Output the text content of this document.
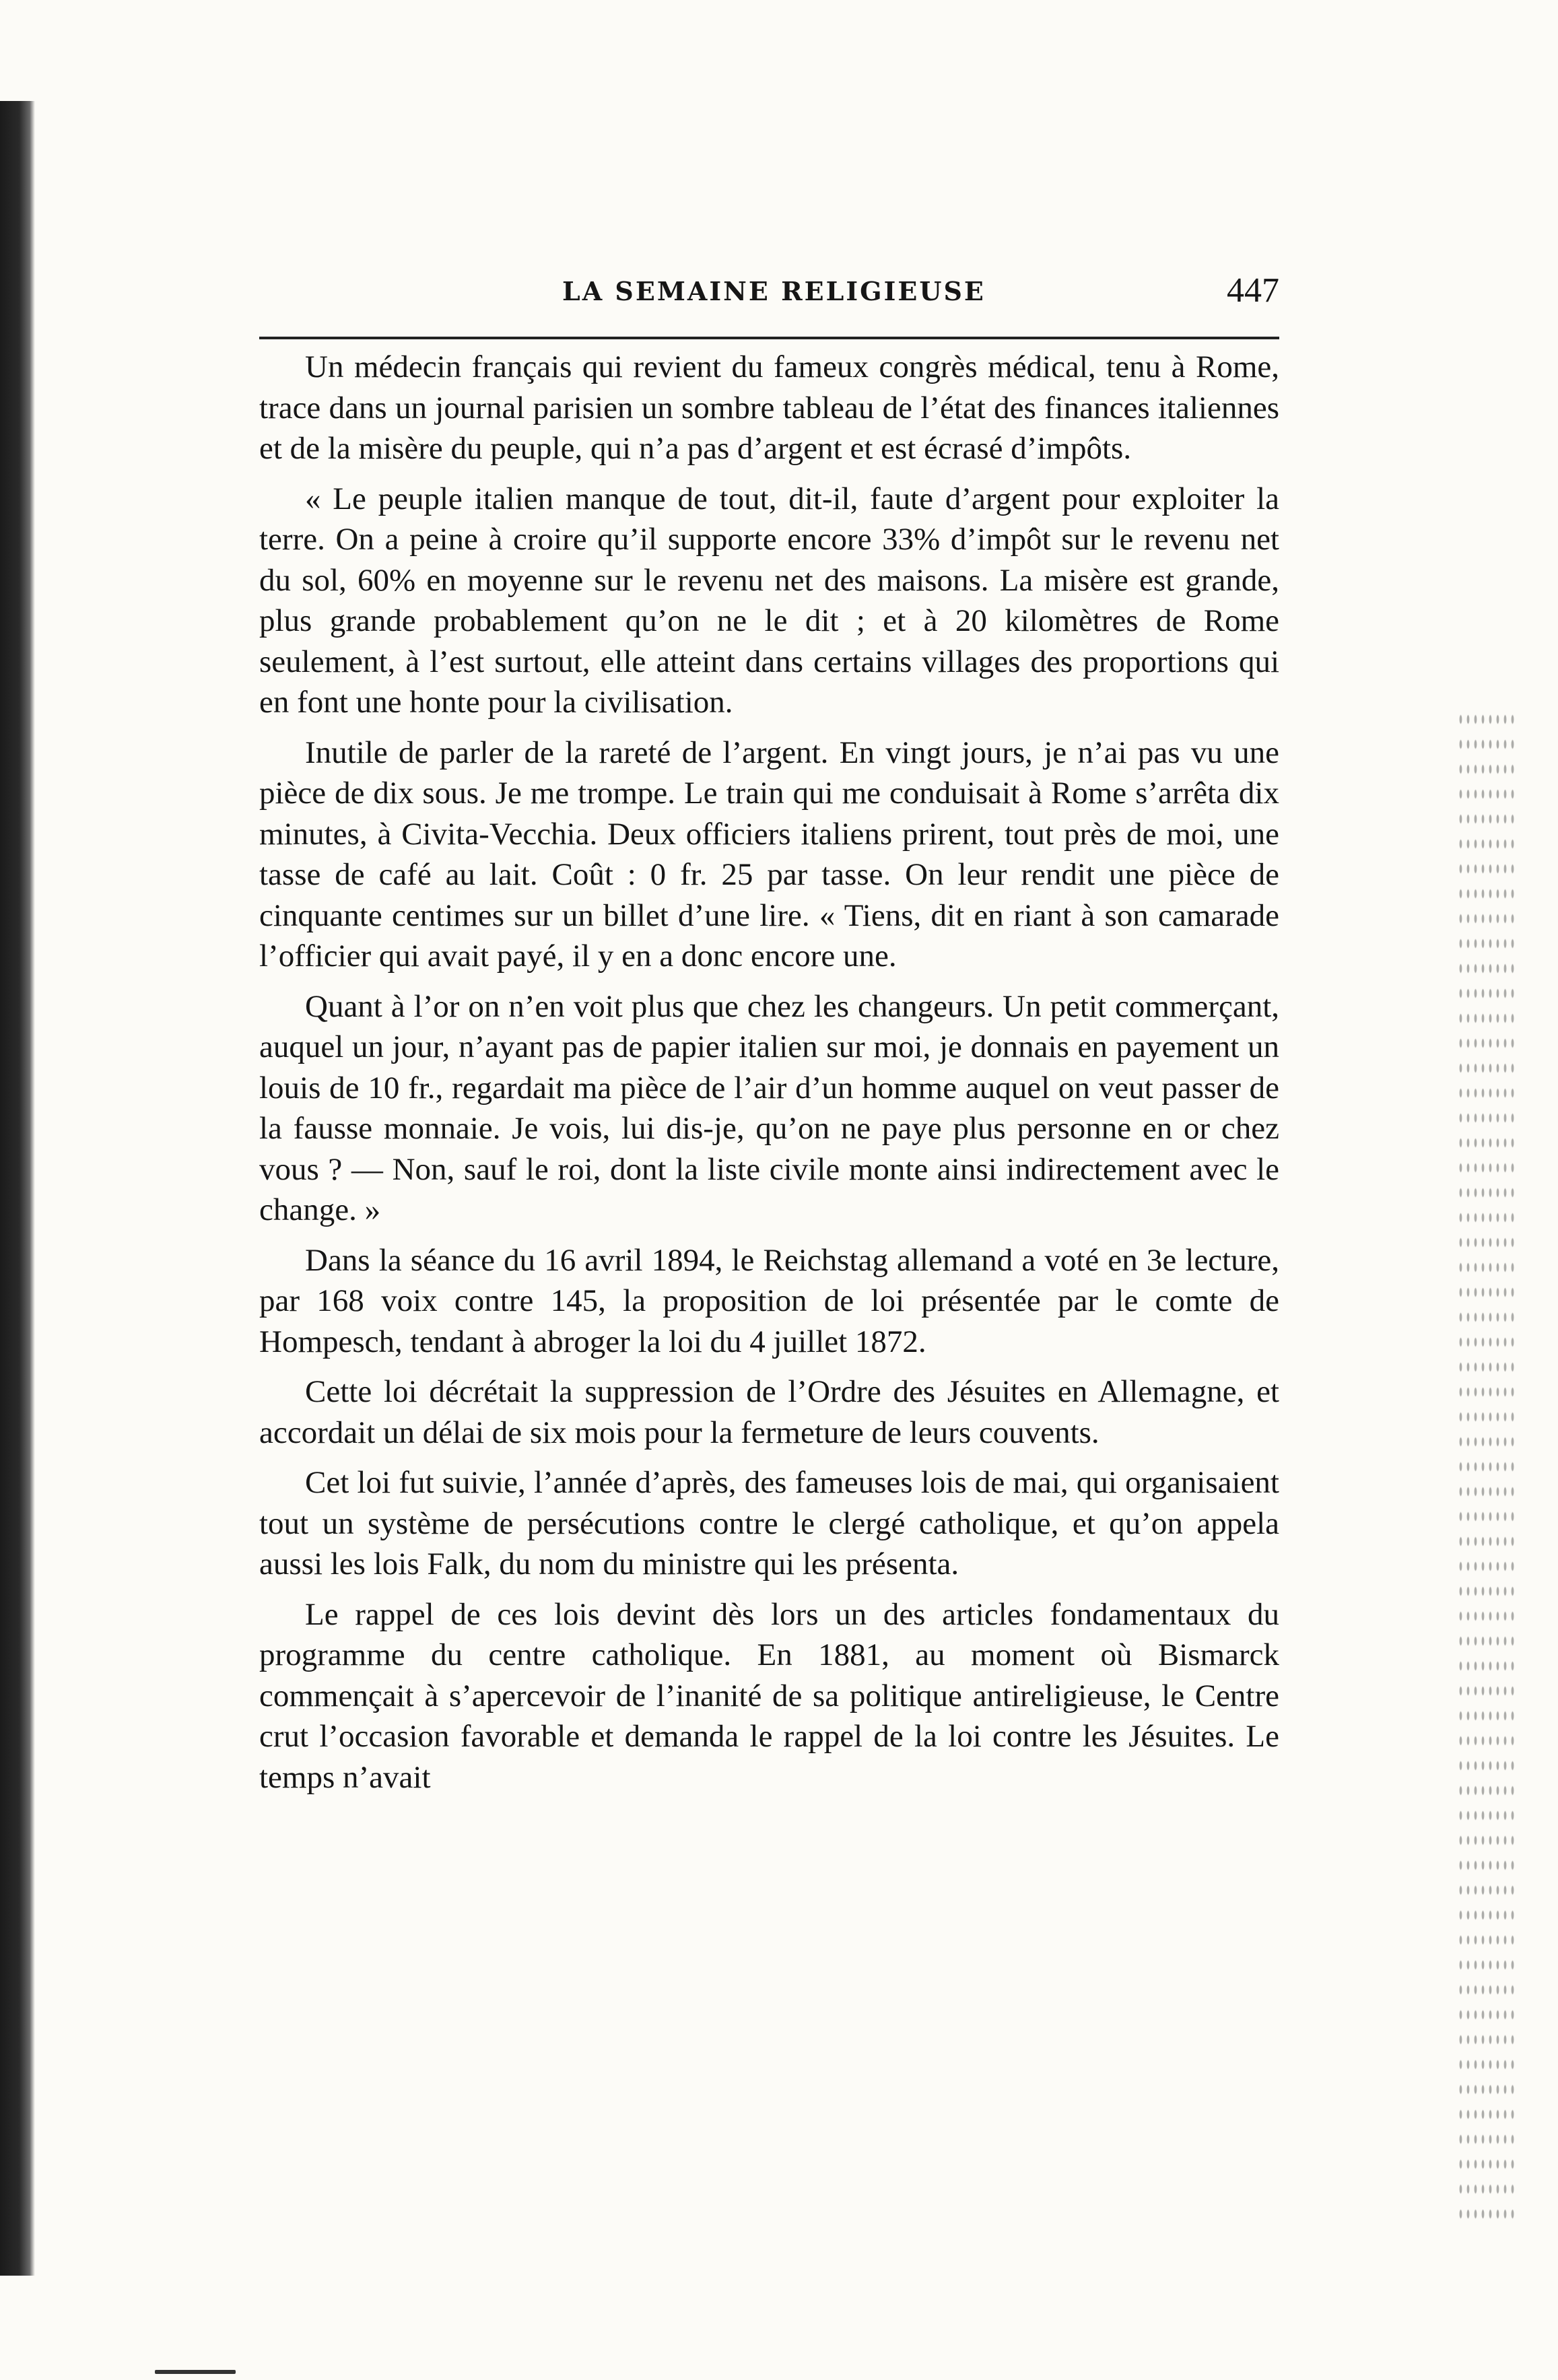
LA SEMAINE RELIGIEUSE	447

Un médecin français qui revient du fameux congrès médical, tenu à Rome, trace dans un journal parisien un sombre tableau de l’état des finances italiennes et de la misère du peuple, qui n’a pas d’argent et est écrasé d’impôts.

« Le peuple italien manque de tout, dit-il, faute d’argent pour exploiter la terre. On a peine à croire qu’il supporte encore 33% d’impôt sur le revenu net du sol, 60% en moyenne sur le revenu net des maisons. La misère est grande, plus grande probablement qu’on ne le dit ; et à 20 kilomètres de Rome seulement, à l’est surtout, elle atteint dans certains villages des proportions qui en font une honte pour la civilisation.

Inutile de parler de la rareté de l’argent. En vingt jours, je n’ai pas vu une pièce de dix sous. Je me trompe. Le train qui me conduisait à Rome s’arrêta dix minutes, à Civita-Vecchia. Deux officiers italiens prirent, tout près de moi, une tasse de café au lait. Coût : 0 fr. 25 par tasse. On leur rendit une pièce de cinquante centimes sur un billet d’une lire. « Tiens, dit en riant à son camarade l’officier qui avait payé, il y en a donc encore une.

Quant à l’or on n’en voit plus que chez les changeurs. Un petit commerçant, auquel un jour, n’ayant pas de papier italien sur moi, je donnais en payement un louis de 10 fr., regardait ma pièce de l’air d’un homme auquel on veut passer de la fausse monnaie. Je vois, lui dis-je, qu’on ne paye plus personne en or chez vous ? — Non, sauf le roi, dont la liste civile monte ainsi indirectement avec le change. »

Dans la séance du 16 avril 1894, le Reichstag allemand a voté en 3e lecture, par 168 voix contre 145, la proposition de loi présentée par le comte de Hompesch, tendant à abroger la loi du 4 juillet 1872.

Cette loi décrétait la suppression de l’Ordre des Jésuites en Allemagne, et accordait un délai de six mois pour la fermeture de leurs couvents.

Cet loi fut suivie, l’année d’après, des fameuses lois de mai, qui organisaient tout un système de persécutions contre le clergé catholique, et qu’on appela aussi les lois Falk, du nom du ministre qui les présenta.

Le rappel de ces lois devint dès lors un des articles fondamentaux du programme du centre catholique. En 1881, au moment où Bismarck commençait à s’apercevoir de l’inanité de sa politique antireligieuse, le Centre crut l’occasion favorable et demanda le rappel de la loi contre les Jésuites. Le temps n’avait
